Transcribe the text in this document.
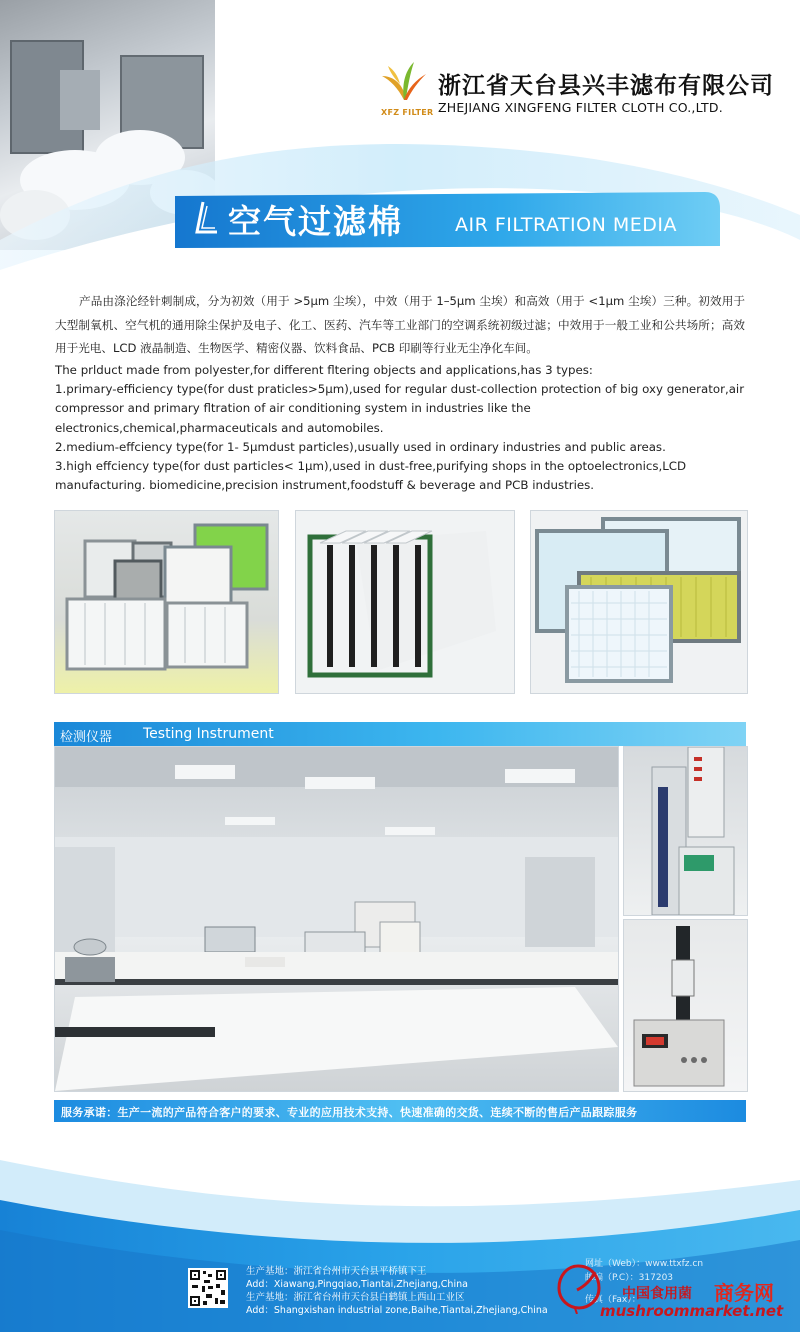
XFZ FILTER
浙江省天台县兴丰滤布有限公司
ZHEJIANG XINGFENG FILTER CLOTH CO.,LTD.
空气过滤棉	AIR FILTRATION MEDIA
产品由涤沦经针刺制成，分为初效（用于 >5μm 尘埃），中效（用于 1–5μm 尘埃）和高效（用于 <1μm 尘埃）三种。初效用于大型制氧机、空气机的通用除尘保护及电子、化工、医药、汽车等工业部门的空调系统初级过滤；中效用于一般工业和公共场所；高效用于光电、LCD 液晶制造、生物医学、精密仪器、饮料食品、PCB 印刷等行业无尘净化车间。

The prlduct made from polyester,for different fltering objects and applications,has 3 types:

1.primary-efficiency type(for dust praticles>5μm),used for regular dust-collection protection of big oxy generator,air compressor and primary fltration of air conditioning system in industries like the electronics,chemical,pharmaceuticals and automobiles.

2.medium-effciency type(for 1- 5μmdust particles),usually used in ordinary industries and public areas.

3.high effciency type(for dust particles< 1μm),used in dust-free,purifying shops in the optoelectronics,LCD manufacturing. biomedicine,precision instrument,foodstuff & beverage and PCB industries.

检测仪器 Testing Instrument
服务承诺：生产一流的产品符合客户的要求、专业的应用技术支持、快速准确的交货、连续不断的售后产品跟踪服务
生产基地：浙江省台州市天台县平桥镇下王
Add：Xiawang,Pingqiao,Tiantai,Zhejiang,China
生产基地：浙江省台州市天台县白鹤镇上西山工业区
Add：Shangxishan industrial zone,Baihe,Tiantai,Zhejiang,China
网址（Web）：www.ttxfz.cn
邮编（P.C）：317203
传真（Fax）：
中国食用菌 商务网
mushroommarket.net
